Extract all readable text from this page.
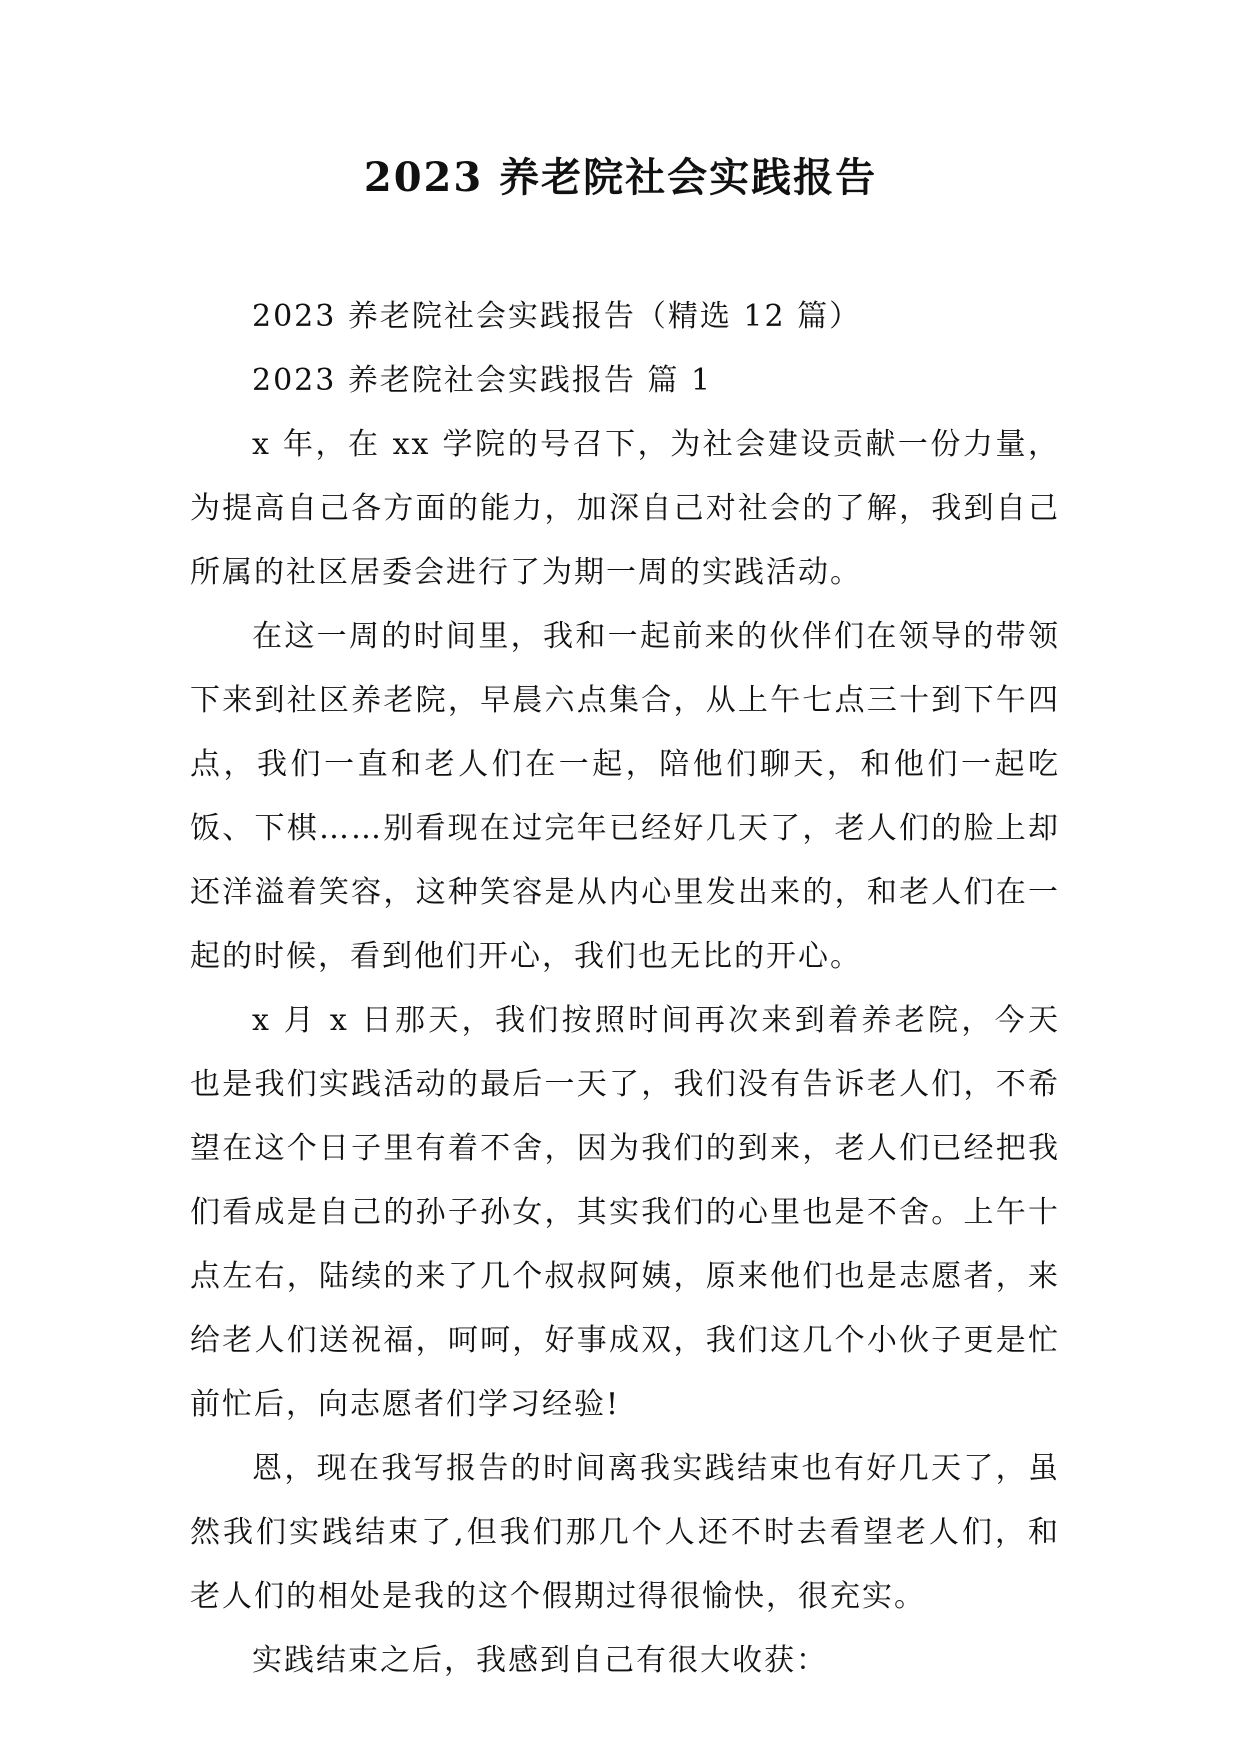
2023 养老院社会实践报告

2023 养老院社会实践报告（精选 12 篇）

2023 养老院社会实践报告 篇 1

x 年，在 xx 学院的号召下，为社会建设贡献一份力量，为提高自己各方面的能力，加深自己对社会的了解，我到自己所属的社区居委会进行了为期一周的实践活动。

在这一周的时间里，我和一起前来的伙伴们在领导的带领下来到社区养老院，早晨六点集合，从上午七点三十到下午四点，我们一直和老人们在一起，陪他们聊天，和他们一起吃饭、下棋……别看现在过完年已经好几天了，老人们的脸上却还洋溢着笑容，这种笑容是从内心里发出来的，和老人们在一起的时候，看到他们开心，我们也无比的开心。

x 月 x 日那天，我们按照时间再次来到着养老院，今天也是我们实践活动的最后一天了，我们没有告诉老人们，不希望在这个日子里有着不舍，因为我们的到来，老人们已经把我们看成是自己的孙子孙女，其实我们的心里也是不舍。上午十点左右，陆续的来了几个叔叔阿姨，原来他们也是志愿者，来给老人们送祝福，呵呵，好事成双，我们这几个小伙子更是忙前忙后，向志愿者们学习经验!

恩，现在我写报告的时间离我实践结束也有好几天了，虽然我们实践结束了,但我们那几个人还不时去看望老人们，和老人们的相处是我的这个假期过得很愉快，很充实。

实践结束之后，我感到自己有很大收获：
